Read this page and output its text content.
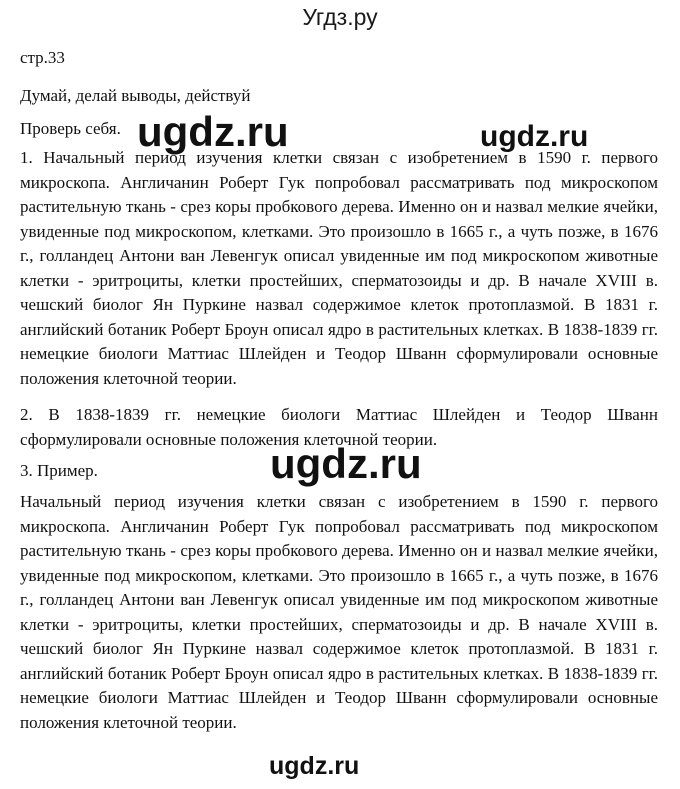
Угдз.ру
стр.33
Думай, делай выводы, действуй
Проверь себя.

1. Начальный период изучения клетки связан с изобретением в 1590 г. первого микроскопа. Англичанин Роберт Гук попробовал рассматривать под микроскопом растительную ткань - срез коры пробкового дерева. Именно он и назвал мелкие ячейки, увиденные под микроскопом, клетками. Это произошло в 1665 г., а чуть позже, в 1676 г., голландец Антони ван Левенгук описал увиденные им под микроскопом животные клетки - эритроциты, клетки простейших, сперматозоиды и др. В начале XVIII в. чешский биолог Ян Пуркине назвал содержимое клеток протоплазмой. В 1831 г. английский ботаник Роберт Броун описал ядро в растительных клетках. В 1838-1839 гг. немецкие биологи Маттиас Шлейден и Теодор Шванн сформулировали основные положения клеточной теории.

2. В 1838-1839 гг. немецкие биологи Маттиас Шлейден и Теодор Шванн сформулировали основные положения клеточной теории.

3. Пример.

Начальный период изучения клетки связан с изобретением в 1590 г. первого микроскопа. Англичанин Роберт Гук попробовал рассматривать под микроскопом растительную ткань - срез коры пробкового дерева. Именно он и назвал мелкие ячейки, увиденные под микроскопом, клетками. Это произошло в 1665 г., а чуть позже, в 1676 г., голландец Антони ван Левенгук описал увиденные им под микроскопом животные клетки - эритроциты, клетки простейших, сперматозоиды и др. В начале XVIII в. чешский биолог Ян Пуркине назвал содержимое клеток протоплазмой. В 1831 г. английский ботаник Роберт Броун описал ядро в растительных клетках. В 1838-1839 гг. немецкие биологи Маттиас Шлейден и Теодор Шванн сформулировали основные положения клеточной теории.

ugdz.ru	ugdz.ru
ugdz.ru
ugdz.ru
